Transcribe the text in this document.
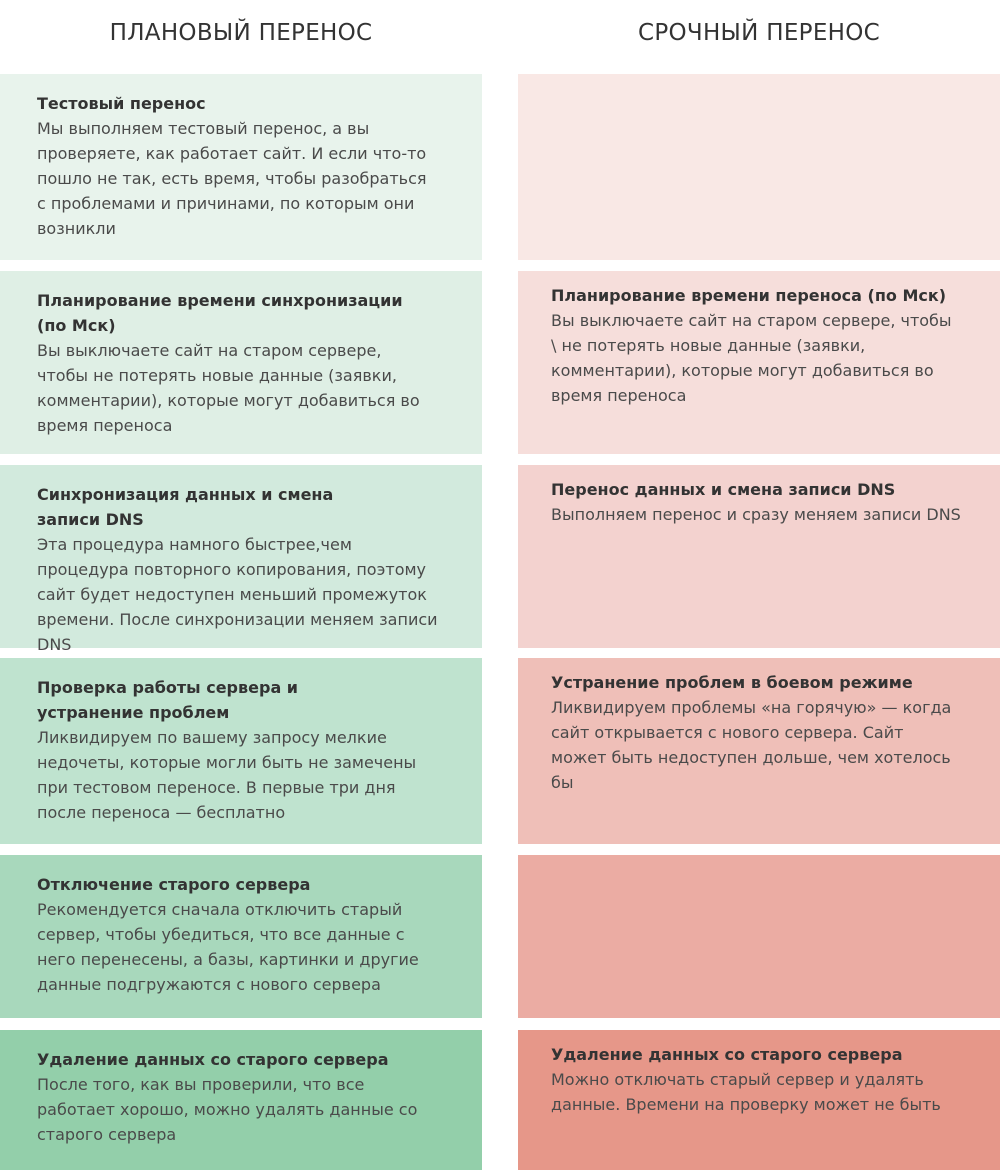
ПЛАНОВЫЙ ПЕРЕНОС	СРОЧНЫЙ ПЕРЕНОС
Тестовый перенос

Мы выполняем тестовый перенос, а вы проверяете, как работает сайт. И если что-то пошло не так, есть время, чтобы разобраться с проблемами и причинами, по которым они возникли

Планирование времени синхронизации (по Мск)

Вы выключаете сайт на старом сервере, чтобы не потерять новые данные (заявки, комментарии), которые могут добавиться во время переноса

Синхронизация данных и смена записи DNS

Эта процедура намного быстрее,чем процедура повторного копирования, поэтому сайт будет недоступен меньший промежуток времени. После синхронизации меняем записи DNS

Проверка работы сервера и устранение проблем

Ликвидируем по вашему запросу мелкие недочеты, которые могли быть не замечены при тестовом переносе. В первые три дня после переноса — бесплатно

Отключение старого сервера

Рекомендуется сначала отключить старый сервер, чтобы убедиться, что все данные с него перенесены, а базы, картинки и другие данные подгружаются с нового сервера

Удаление данных со старого сервера

После того, как вы проверили, что все работает хорошо, можно удалять данные со старого сервера

Планирование времени переноса (по Мск)

Вы выключаете сайт на старом сервере, чтобы \ не потерять новые данные (заявки, комментарии), которые могут добавиться во время переноса

Перенос данных и смена записи DNS

Выполняем перенос и сразу меняем записи DNS

Устранение проблем в боевом режиме

Ликвидируем проблемы «на горячую» — когда сайт открывается с нового сервера. Сайт может быть недоступен дольше, чем хотелось бы

Удаление данных со старого сервера

Можно отключать старый сервер и удалять данные. Времени на проверку может не быть
